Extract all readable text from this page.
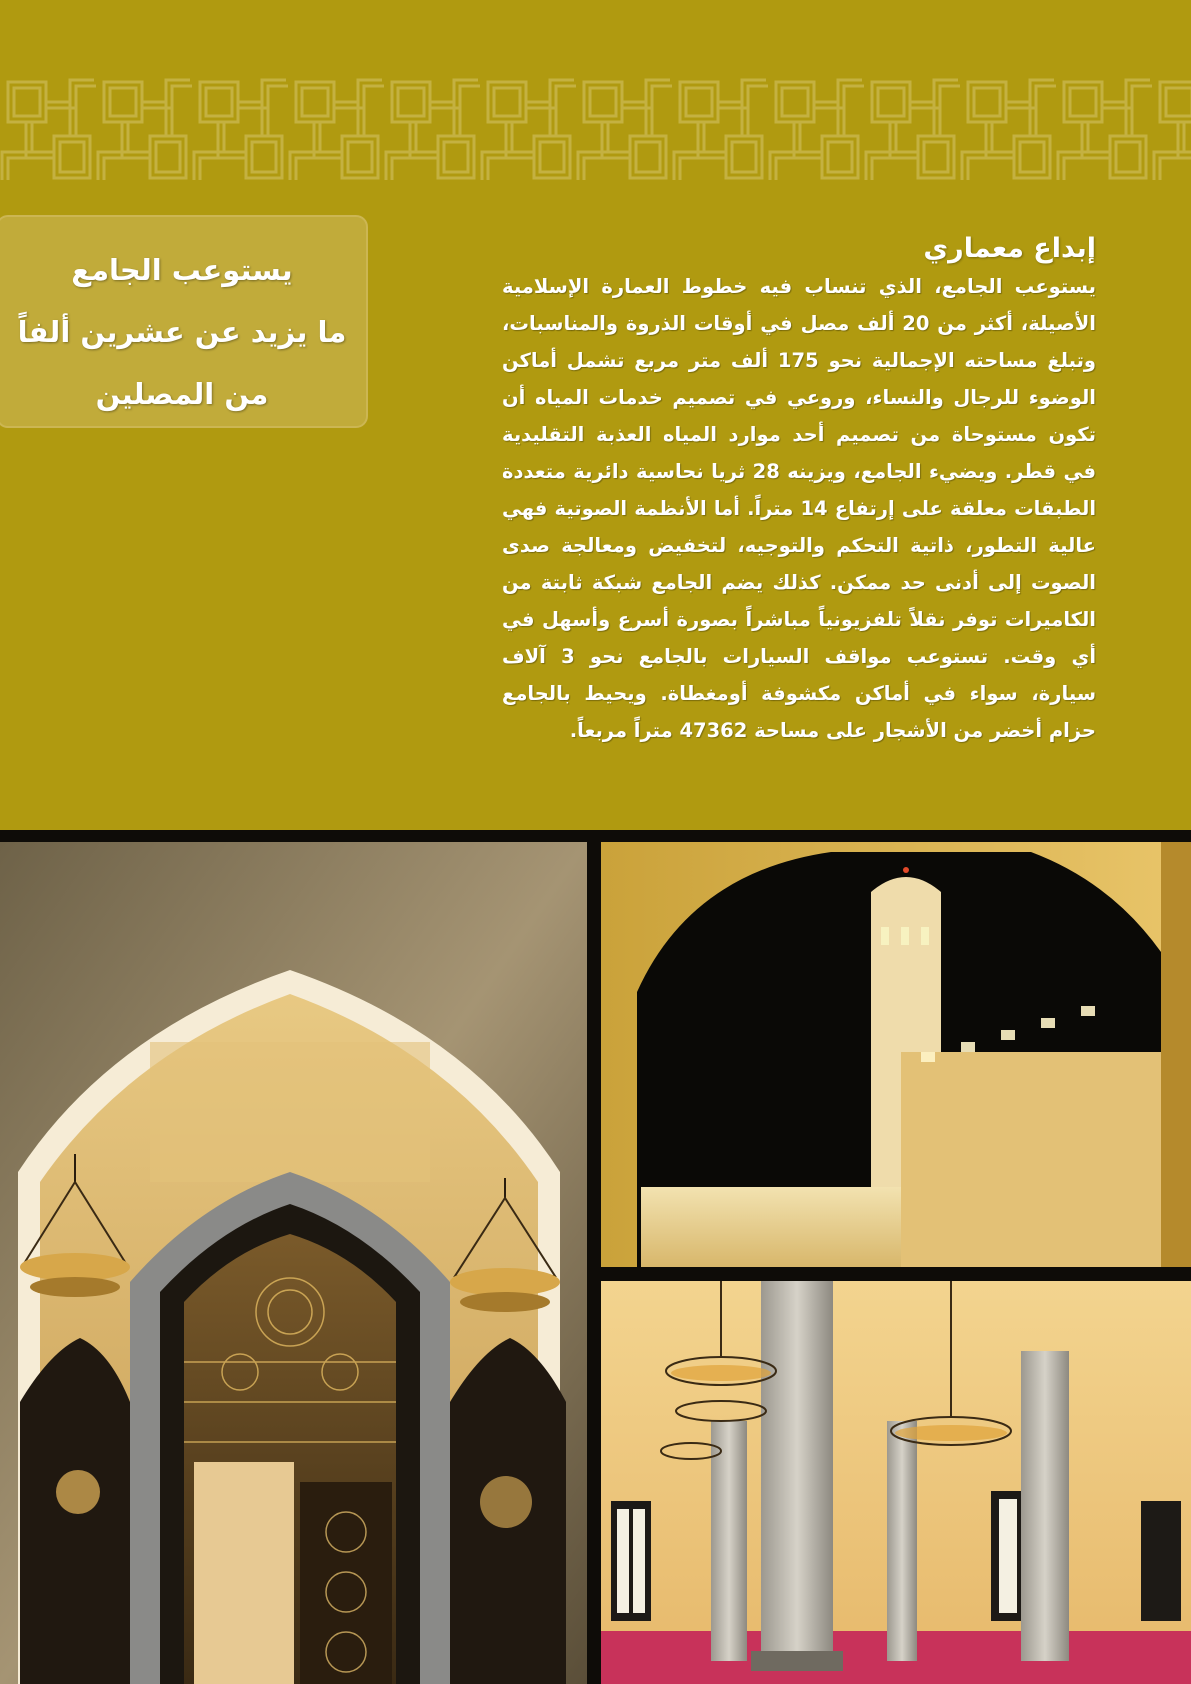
يستوعب الجامع

ما يزيد عن عشرين ألفاً

من المصلين

إبداع معماري

يستوعب الجامع، الذي تنساب فيه خطوط العمارة الإسلامية الأصيلة، أكثر من 20 ألف مصل في أوقات الذروة والمناسبات، وتبلغ مساحته الإجمالية نحو 175 ألف متر مربع تشمل أماكن الوضوء للرجال والنساء، وروعي في تصميم خدمات المياه أن تكون مستوحاة من تصميم أحد موارد المياه العذبة التقليدية في قطر. ويضيء الجامع، ويزينه 28 ثريا نحاسية دائرية متعددة الطبقات معلقة على إرتفاع 14 متراً. أما الأنظمة الصوتية فهي عالية التطور، ذاتية التحكم والتوجيه، لتخفيض ومعالجة صدى الصوت إلى أدنى حد ممكن. كذلك يضم الجامع شبكة ثابتة من الكاميرات توفر نقلاً تلفزيونياً مباشراً بصورة أسرع وأسهل في أي وقت. تستوعب مواقف السيارات بالجامع نحو 3 آلاف سيارة، سواء في أماكن مكشوفة أومغطاة. ويحيط بالجامع حزام أخضر من الأشجار على مساحة 47362 متراً مربعاً.
